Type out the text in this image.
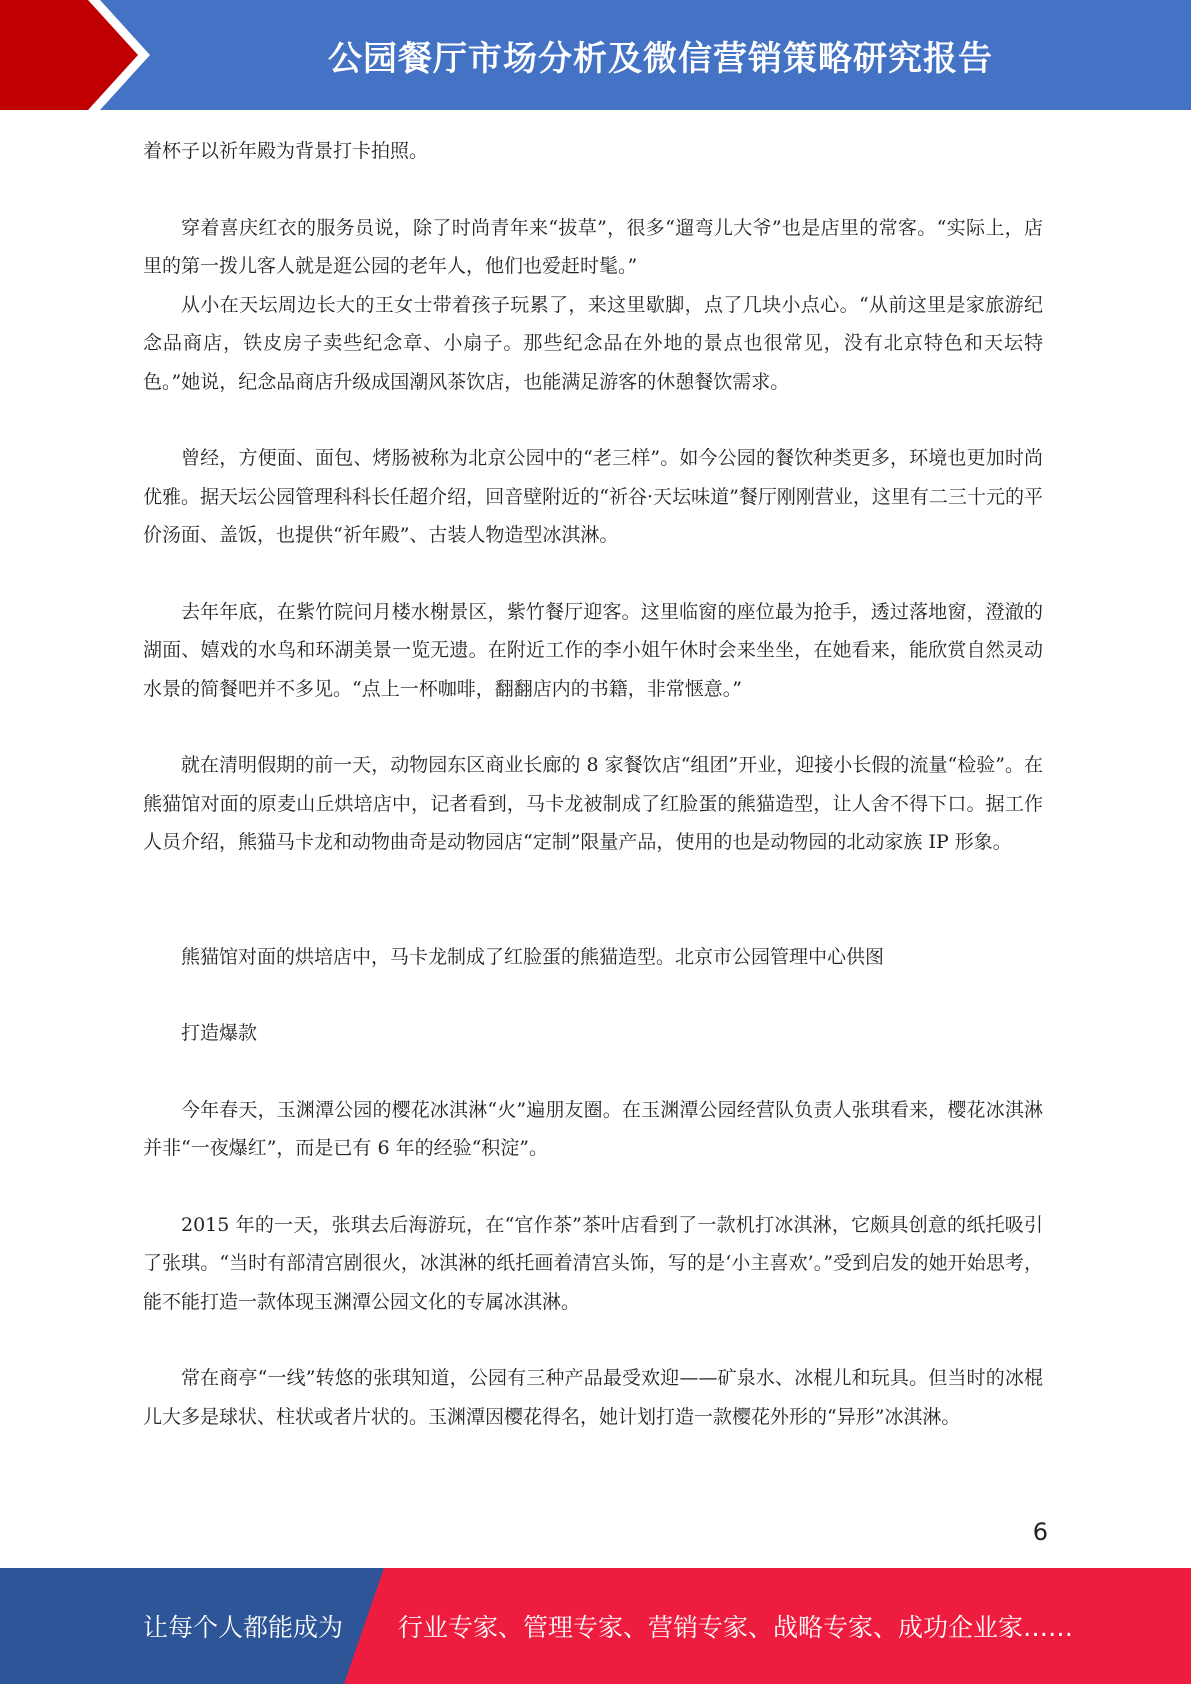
公园餐厅市场分析及微信营销策略研究报告

着杯子以祈年殿为背景打卡拍照。

穿着喜庆红衣的服务员说，除了时尚青年来“拔草”，很多“遛弯儿大爷”也是店里的常客。“实际上，店里的第一拨儿客人就是逛公园的老年人，他们也爱赶时髦。”

从小在天坛周边长大的王女士带着孩子玩累了，来这里歇脚，点了几块小点心。“从前这里是家旅游纪念品商店，铁皮房子卖些纪念章、小扇子。那些纪念品在外地的景点也很常见，没有北京特色和天坛特色。”她说，纪念品商店升级成国潮风茶饮店，也能满足游客的休憩餐饮需求。

曾经，方便面、面包、烤肠被称为北京公园中的“老三样”。如今公园的餐饮种类更多，环境也更加时尚优雅。据天坛公园管理科科长任超介绍，回音壁附近的“祈谷·天坛味道”餐厅刚刚营业，这里有二三十元的平价汤面、盖饭，也提供“祈年殿”、古装人物造型冰淇淋。

去年年底，在紫竹院问月楼水榭景区，紫竹餐厅迎客。这里临窗的座位最为抢手，透过落地窗，澄澈的湖面、嬉戏的水鸟和环湖美景一览无遗。在附近工作的李小姐午休时会来坐坐，在她看来，能欣赏自然灵动水景的简餐吧并不多见。“点上一杯咖啡，翻翻店内的书籍，非常惬意。”

就在清明假期的前一天，动物园东区商业长廊的 8 家餐饮店“组团”开业，迎接小长假的流量“检验”。在熊猫馆对面的原麦山丘烘培店中，记者看到，马卡龙被制成了红脸蛋的熊猫造型，让人舍不得下口。据工作人员介绍，熊猫马卡龙和动物曲奇是动物园店“定制”限量产品，使用的也是动物园的北动家族 IP 形象。

熊猫馆对面的烘培店中，马卡龙制成了红脸蛋的熊猫造型。北京市公园管理中心供图

打造爆款

今年春天，玉渊潭公园的樱花冰淇淋“火”遍朋友圈。在玉渊潭公园经营队负责人张琪看来，樱花冰淇淋并非“一夜爆红”，而是已有 6 年的经验“积淀”。

2015 年的一天，张琪去后海游玩，在“官作茶”茶叶店看到了一款机打冰淇淋，它颇具创意的纸托吸引了张琪。“当时有部清宫剧很火，冰淇淋的纸托画着清宫头饰，写的是‘小主喜欢’。”受到启发的她开始思考，能不能打造一款体现玉渊潭公园文化的专属冰淇淋。

常在商亭“一线”转悠的张琪知道，公园有三种产品最受欢迎——矿泉水、冰棍儿和玩具。但当时的冰棍儿大多是球状、柱状或者片状的。玉渊潭因樱花得名，她计划打造一款樱花外形的“异形”冰淇淋。

6
让每个人都能成为 行业专家、管理专家、营销专家、战略专家、成功企业家……
